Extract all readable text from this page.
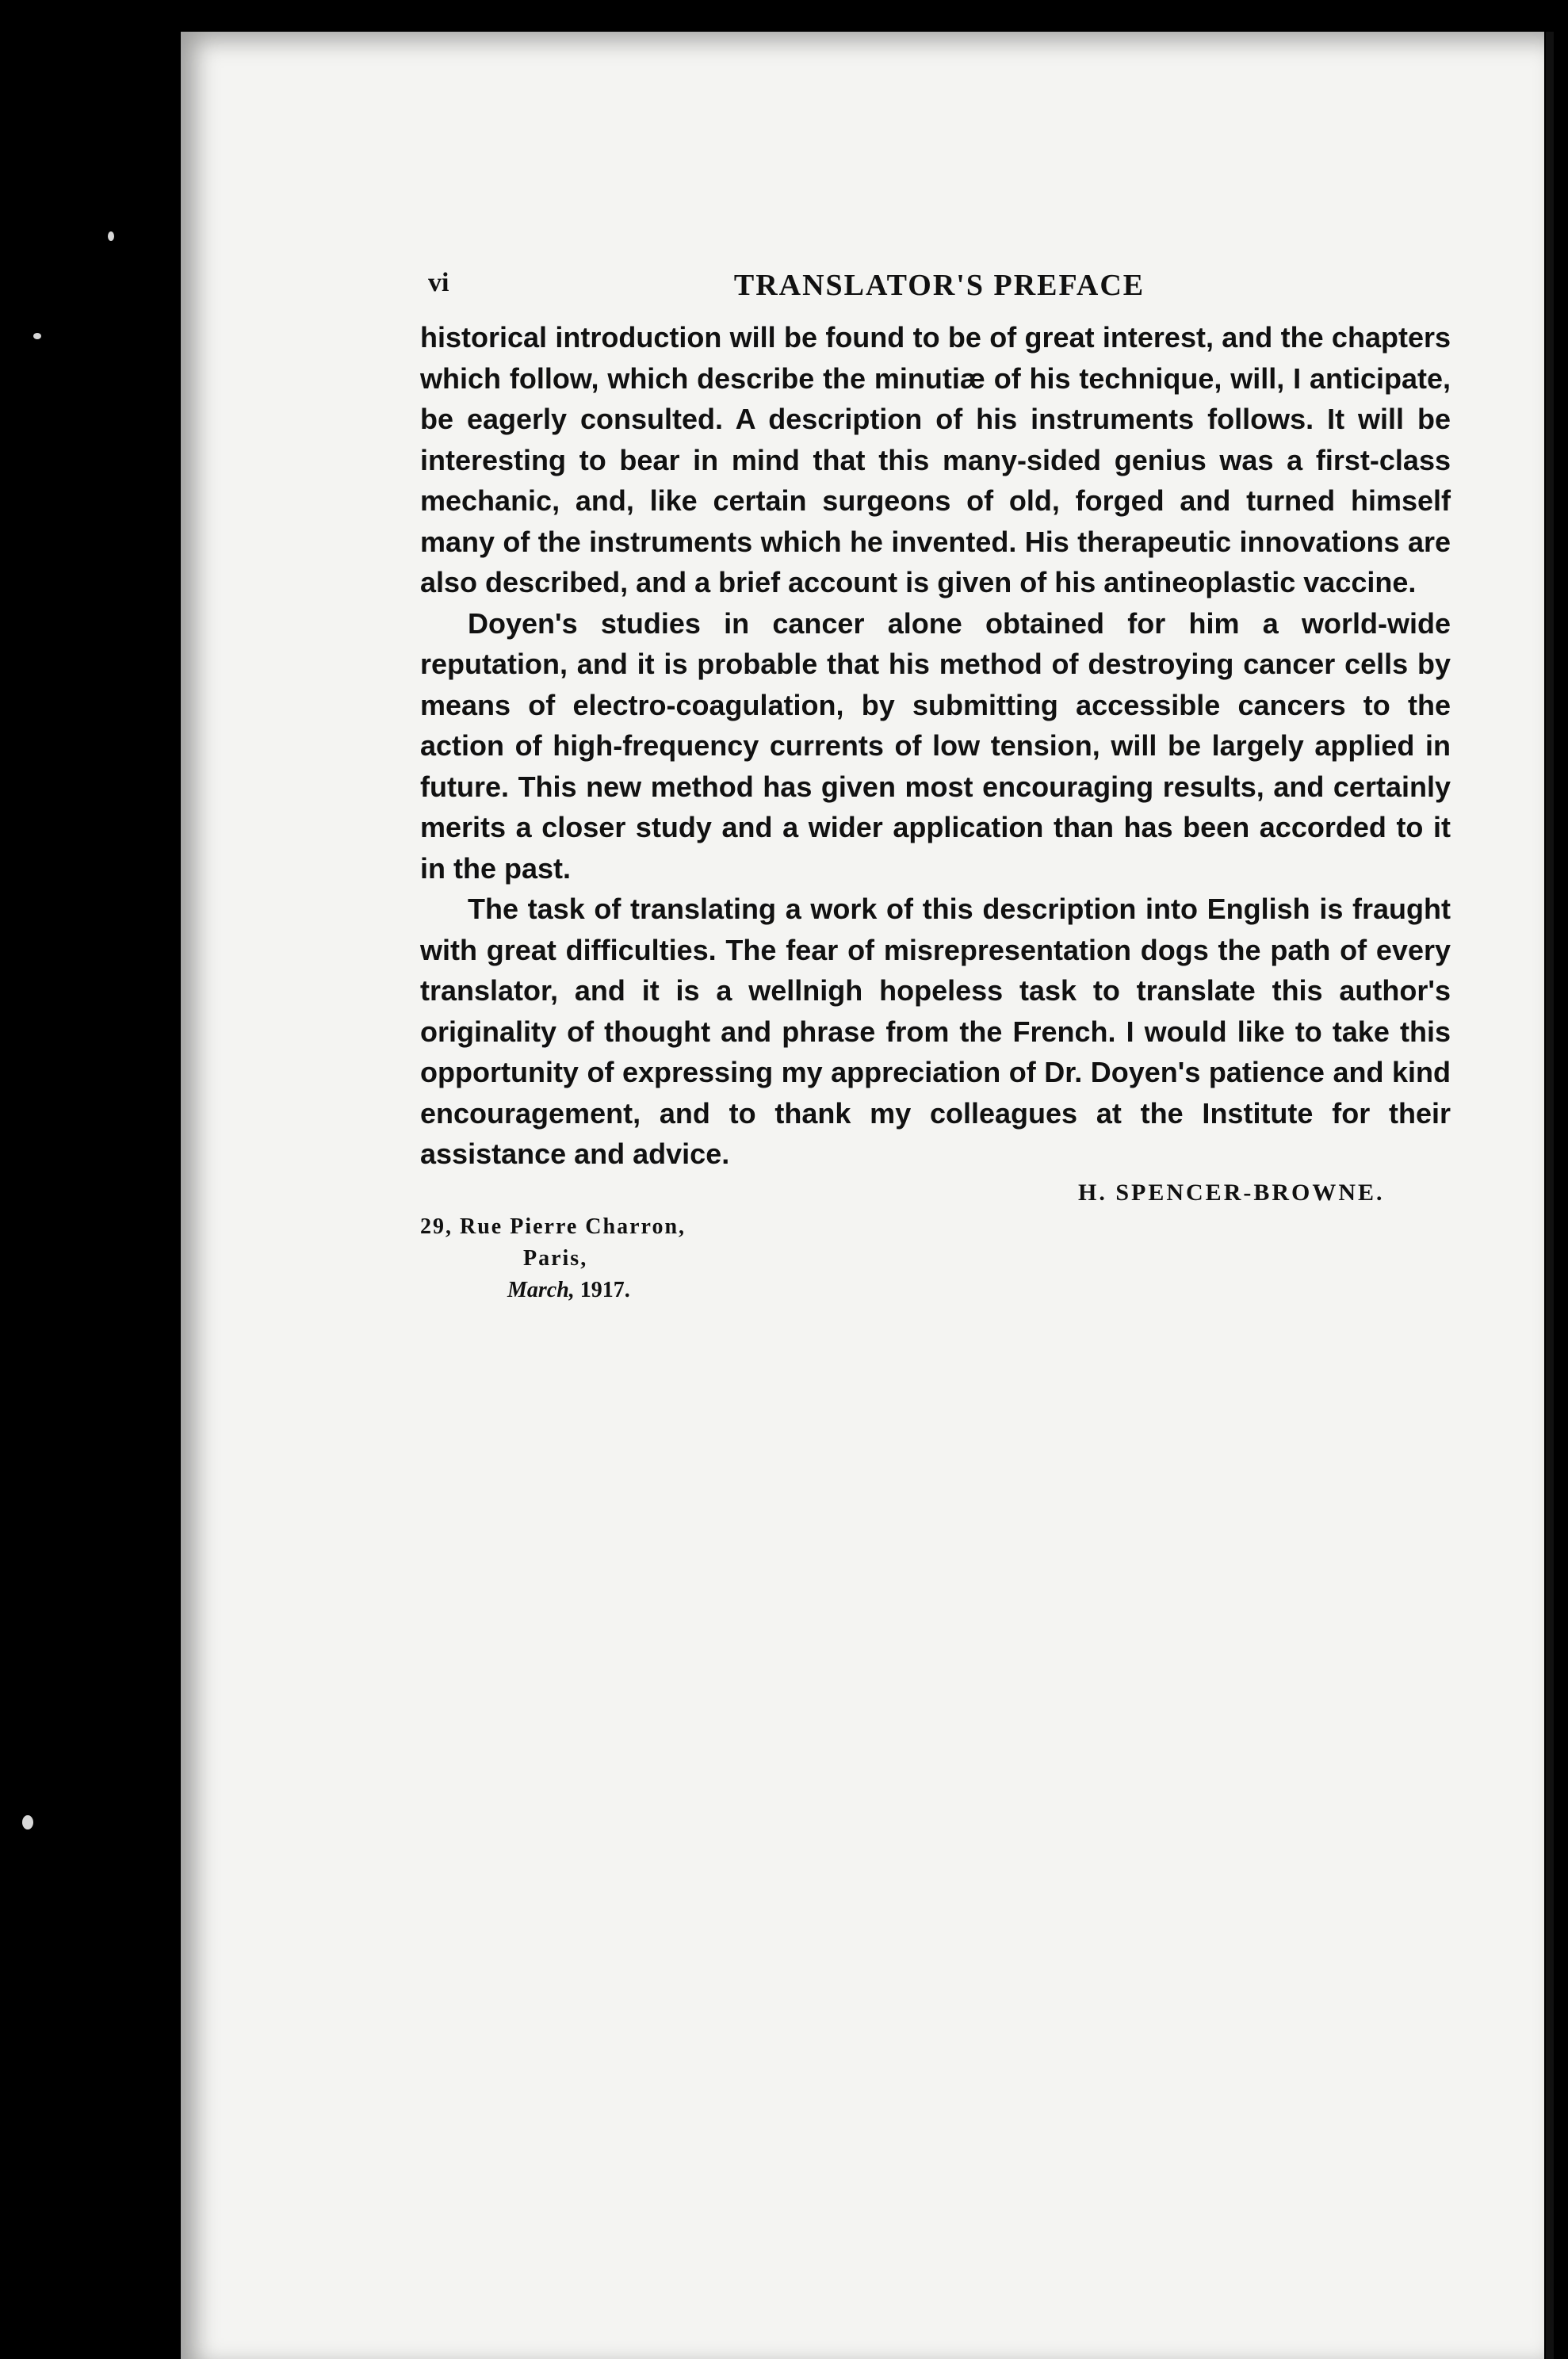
vi	TRANSLATOR'S PREFACE

historical introduction will be found to be of great interest, and the chapters which follow, which describe the minutiæ of his technique, will, I anticipate, be eagerly consulted. A description of his instruments follows. It will be interesting to bear in mind that this many-sided genius was a first-class mechanic, and, like certain surgeons of old, forged and turned himself many of the instruments which he invented. His therapeutic innovations are also described, and a brief account is given of his antineoplastic vaccine.

Doyen's studies in cancer alone obtained for him a world-wide reputation, and it is probable that his method of destroying cancer cells by means of electro-coagulation, by submitting accessible cancers to the action of high-frequency currents of low tension, will be largely applied in future. This new method has given most encouraging results, and certainly merits a closer study and a wider application than has been accorded to it in the past.

The task of translating a work of this description into English is fraught with great difficulties. The fear of misrepresentation dogs the path of every translator, and it is a wellnigh hopeless task to translate this author's originality of thought and phrase from the French. I would like to take this opportunity of expressing my appreciation of Dr. Doyen's patience and kind encouragement, and to thank my colleagues at the Institute for their assistance and advice.

H. SPENCER-BROWNE.
29, Rue Pierre Charron,
Paris,
March, 1917.
